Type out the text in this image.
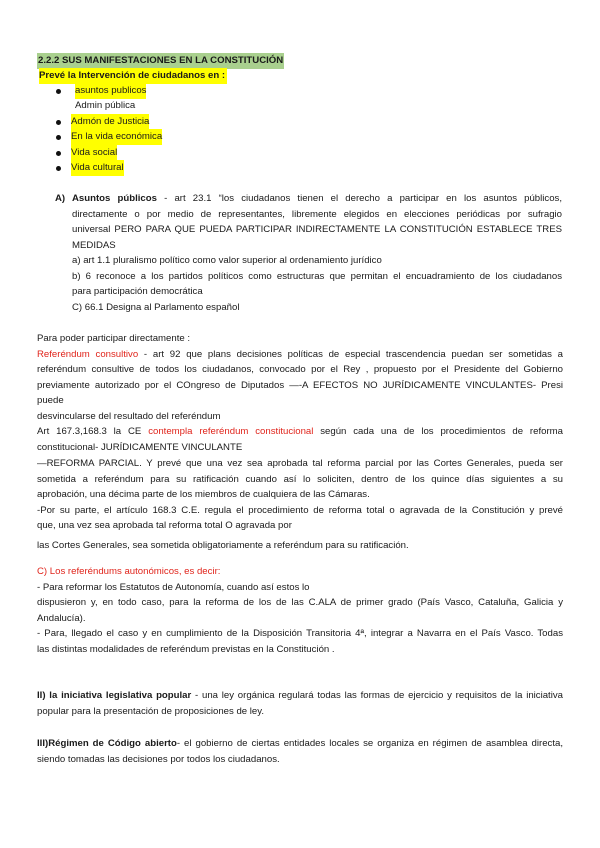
2.2.2 SUS MANIFESTACIONES EN LA CONSTITUCIÓN
Prevé la Intervención de ciudadanos en :
asuntos publicos
Admin pública
Admón de Justicia
En la vida económica
Vida social
Vida cultural
A) Asuntos públicos - art 23.1 “los ciudadanos tienen el derecho a participar en los asuntos públicos,
directamente o por medio de representantes, libremente elegidos en elecciones periódicas por sufragio
universal PERO PARA QUE PUEDA PARTICIPAR INDIRECTAMENTE LA CONSTITUCIÓN ESTABLECE TRES
MEDIDAS
a) art 1.1 pluralismo político como valor superior al ordenamiento jurídico
b) 6 reconoce a los partidos políticos como estructuras que permitan el encuadramiento de los ciudadanos
para participación democrática
C) 66.1 Designa al Parlamento español
Para poder participar directamente :
Referéndum consultivo - art 92 que plans decisiones políticas de especial trascendencia puedan ser sometidas a
referéndum consultive de todos los ciudadanos, convocado por el Rey , propuesto por el Presidente del Gobierno
previamente autorizado por el COngreso de Diputados —-A EFECTOS NO JURÍDICAMENTE VINCULANTES- Presi puede
desvincularse del resultado del referéndum
Art 167.3,168.3 la CE contempla referéndum constitucional según cada una de los procedimientos de reforma
constitucional- JURÍDICAMENTE VINCULANTE
—REFORMA PARCIAL. Y prevé que una vez sea aprobada tal reforma parcial por las Cortes Generales, pueda ser
sometida a referéndum para su ratificación cuando así lo soliciten, dentro de los quince días siguientes a su
aprobación, una décima parte de los miembros de cualquiera de las Cámaras.
-Por su parte, el artículo 168.3 C.E. regula el procedimiento de reforma total o agravada de la Constitución y prevé
que, una vez sea aprobada tal reforma total O agravada por
las Cortes Generales, sea sometida obligatoriamente a referéndum para su ratificación.
C) Los referéndums autonómicos, es decir:
- Para reformar los Estatutos de Autonomía, cuando así estos lo
dispusieron y, en todo caso, para la reforma de los de las C.ALA de primer grado (País Vasco, Cataluña, Galicia y
Andalucía).
- Para, llegado el caso y en cumplimiento de la Disposición Transitoria 4ª, integrar a Navarra en el País Vasco. Todas
las distintas modalidades de referéndum previstas en la Constitución .
II) la iniciativa legislativa popular - una ley orgánica regulará todas las formas de ejercicio y requisitos de la iniciativa
popular para la presentación de proposiciones de ley.
III)Régimen de Código abierto- el gobierno de ciertas entidades locales se organiza en régimen de asamblea directa,
siendo tomadas las decisiones por todos los ciudadanos.
